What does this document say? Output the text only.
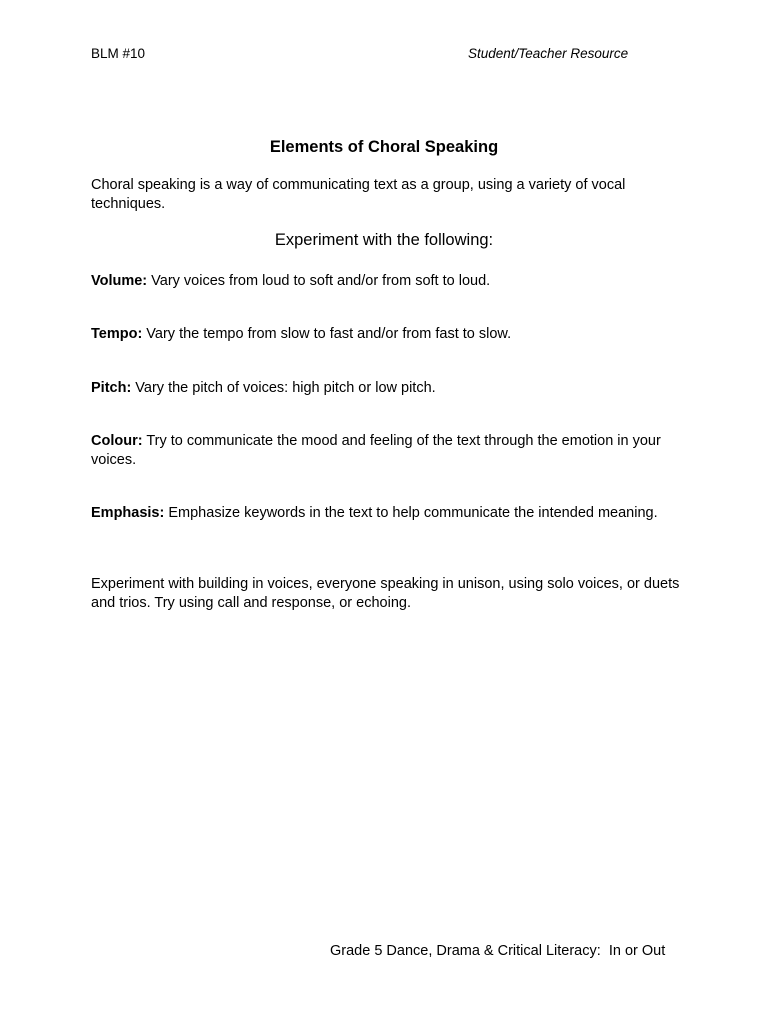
BLM #10	Student/Teacher Resource
Elements of Choral Speaking
Choral speaking is a way of communicating text as a group, using a variety of vocal techniques.
Experiment with the following:
Volume: Vary voices from loud to soft and/or from soft to loud.
Tempo: Vary the tempo from slow to fast and/or from fast to slow.
Pitch: Vary the pitch of voices: high pitch or low pitch.
Colour: Try to communicate the mood and feeling of the text through the emotion in your voices.
Emphasis: Emphasize keywords in the text to help communicate the intended meaning.
Experiment with building in voices, everyone speaking in unison, using solo voices, or duets and trios. Try using call and response, or echoing.
Grade 5 Dance, Drama & Critical Literacy:  In or Out
